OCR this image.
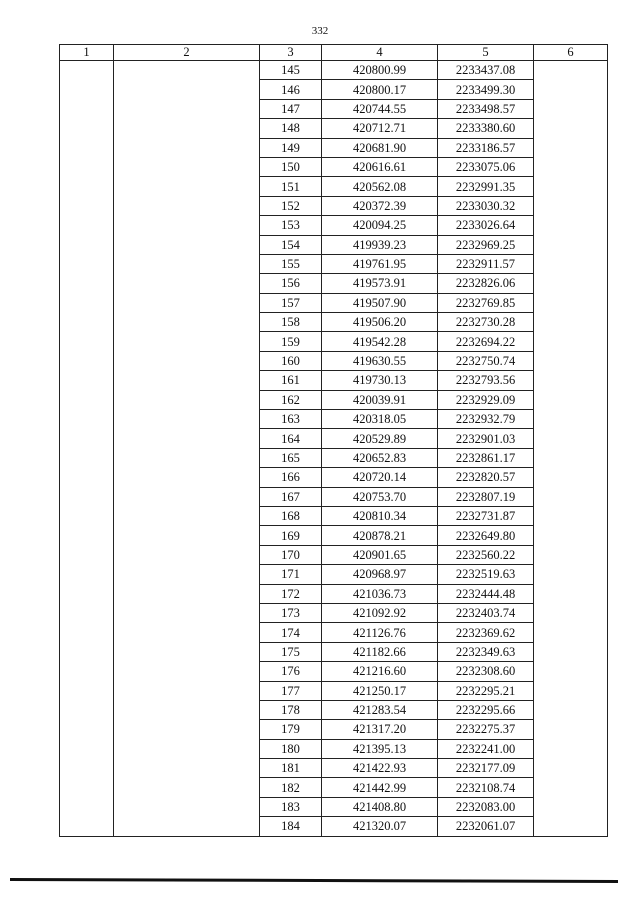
332
1	2	3	4	5	6
		145	420800.99	2233437.08	
		146	420800.17	2233499.30	
		147	420744.55	2233498.57	
		148	420712.71	2233380.60	
		149	420681.90	2233186.57	
		150	420616.61	2233075.06	
		151	420562.08	2232991.35	
		152	420372.39	2233030.32	
		153	420094.25	2233026.64	
		154	419939.23	2232969.25	
		155	419761.95	2232911.57	
		156	419573.91	2232826.06	
		157	419507.90	2232769.85	
		158	419506.20	2232730.28	
		159	419542.28	2232694.22	
		160	419630.55	2232750.74	
		161	419730.13	2232793.56	
		162	420039.91	2232929.09	
		163	420318.05	2232932.79	
		164	420529.89	2232901.03	
		165	420652.83	2232861.17	
		166	420720.14	2232820.57	
		167	420753.70	2232807.19	
		168	420810.34	2232731.87	
		169	420878.21	2232649.80	
		170	420901.65	2232560.22	
		171	420968.97	2232519.63	
		172	421036.73	2232444.48	
		173	421092.92	2232403.74	
		174	421126.76	2232369.62	
		175	421182.66	2232349.63	
		176	421216.60	2232308.60	
		177	421250.17	2232295.21	
		178	421283.54	2232295.66	
		179	421317.20	2232275.37	
		180	421395.13	2232241.00	
		181	421422.93	2232177.09	
		182	421442.99	2232108.74	
		183	421408.80	2232083.00	
		184	421320.07	2232061.07	
